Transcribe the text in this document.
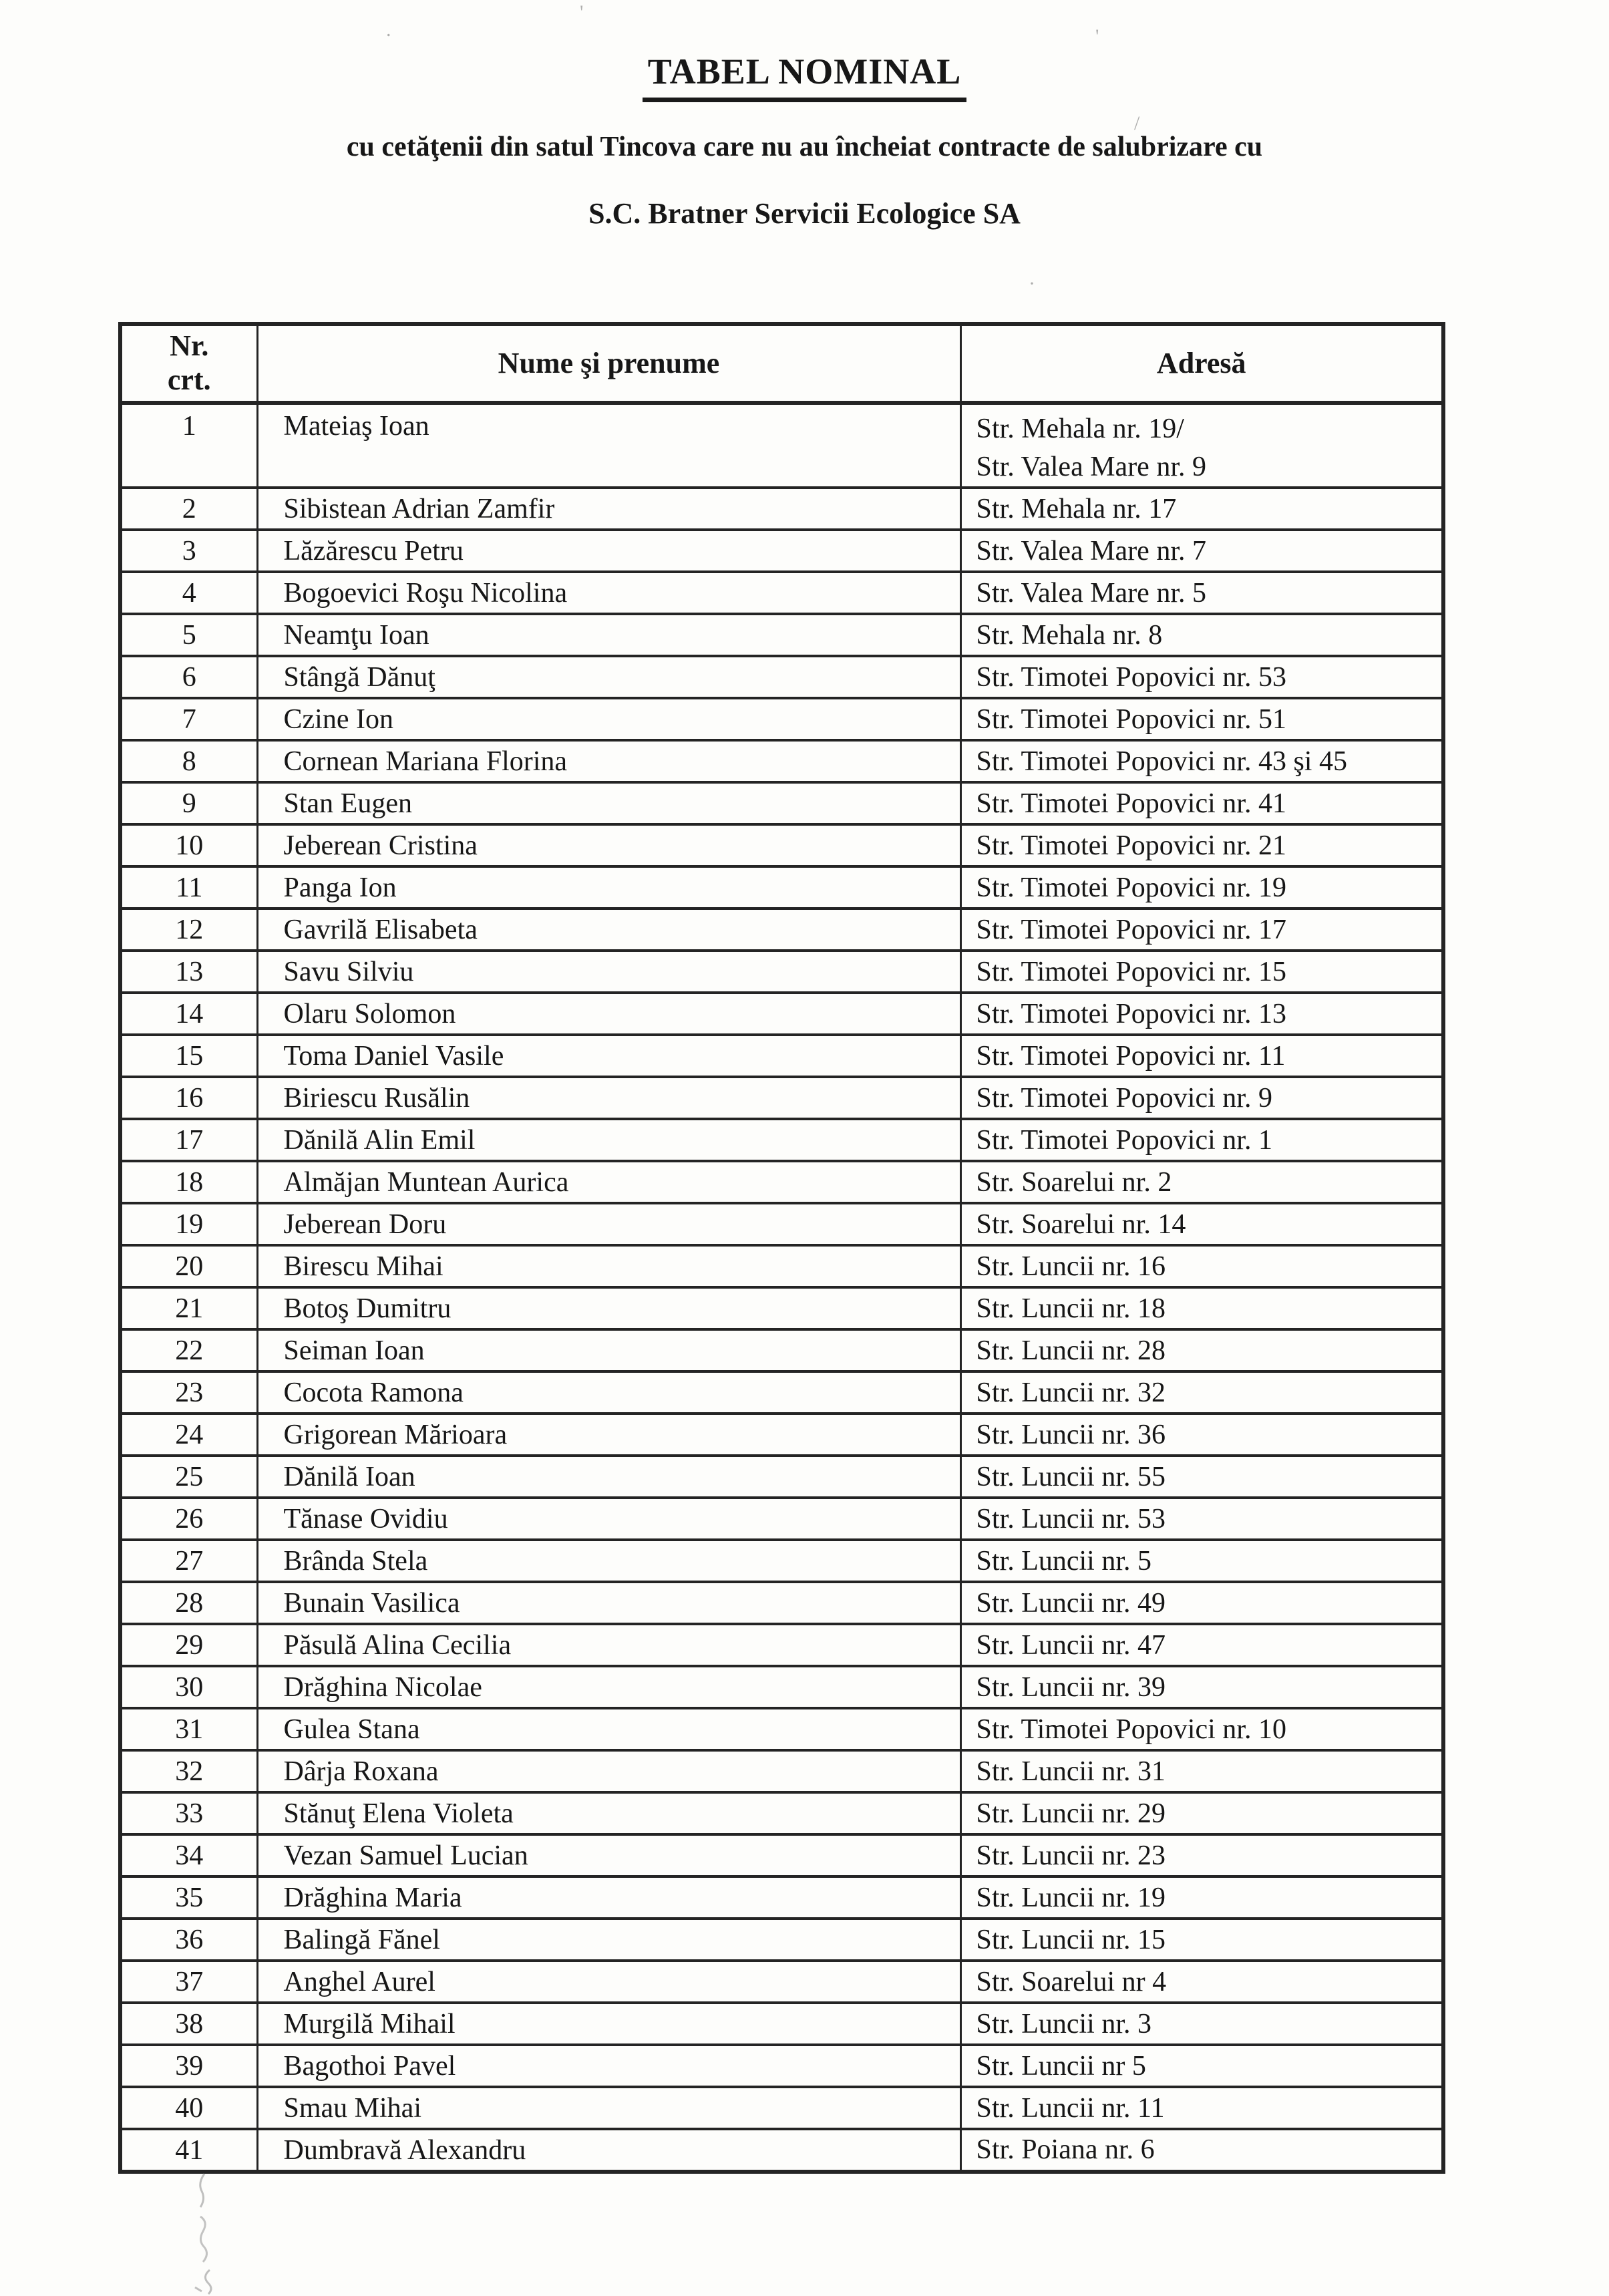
TABEL NOMINAL
cu cetăţenii din satul Tincova care nu au încheiat contracte de salubrizare cu
S.C. Bratner Servicii Ecologice SA
Nr.
crt.	Nume şi prenume	Adresă
1	Mateiaş Ioan	Str. Mehala nr. 19/
Str. Valea Mare nr. 9

2	Sibistean Adrian Zamfir	Str. Mehala nr. 17

3	Lăzărescu Petru	Str. Valea Mare nr. 7

4	Bogoevici Roşu Nicolina	Str. Valea Mare nr. 5

5	Neamţu Ioan	Str. Mehala nr. 8

6	Stângă Dănuţ	Str. Timotei Popovici nr. 53

7	Czine Ion	Str. Timotei Popovici nr. 51

8	Cornean Mariana Florina	Str. Timotei Popovici nr. 43 şi 45

9	Stan Eugen	Str. Timotei Popovici nr. 41

10	Jeberean Cristina	Str. Timotei Popovici nr. 21

11	Panga Ion	Str. Timotei Popovici nr. 19

12	Gavrilă Elisabeta	Str. Timotei Popovici nr. 17

13	Savu Silviu	Str. Timotei Popovici nr. 15

14	Olaru Solomon	Str. Timotei Popovici nr. 13

15	Toma Daniel Vasile	Str. Timotei Popovici nr. 11

16	Biriescu Rusălin	Str. Timotei Popovici nr. 9

17	Dănilă Alin Emil	Str. Timotei Popovici nr. 1

18	Almăjan Muntean Aurica	Str. Soarelui nr. 2

19	Jeberean Doru	Str. Soarelui nr. 14

20	Birescu Mihai	Str. Luncii nr. 16

21	Botoş Dumitru	Str. Luncii nr. 18

22	Seiman Ioan	Str. Luncii nr. 28

23	Cocota Ramona	Str. Luncii nr. 32

24	Grigorean Mărioara	Str. Luncii nr. 36

25	Dănilă Ioan	Str. Luncii nr. 55

26	Tănase Ovidiu	Str. Luncii nr. 53

27	Brânda Stela	Str. Luncii nr. 5

28	Bunain Vasilica	Str. Luncii nr. 49

29	Păsulă Alina Cecilia	Str. Luncii nr. 47

30	Drăghina Nicolae	Str. Luncii nr. 39

31	Gulea Stana	Str. Timotei Popovici nr. 10

32	Dârja Roxana	Str. Luncii nr. 31

33	Stănuţ Elena Violeta	Str. Luncii nr. 29

34	Vezan Samuel Lucian	Str. Luncii nr. 23

35	Drăghina Maria	Str. Luncii nr. 19

36	Balingă Fănel	Str. Luncii nr. 15

37	Anghel Aurel	Str. Soarelui nr 4

38	Murgilă Mihail	Str. Luncii nr. 3

39	Bagothoi Pavel	Str. Luncii nr 5

40	Smau Mihai	Str. Luncii nr. 11

41	Dumbravă Alexandru	Str. Poiana nr. 6
.
'
'
/
·
